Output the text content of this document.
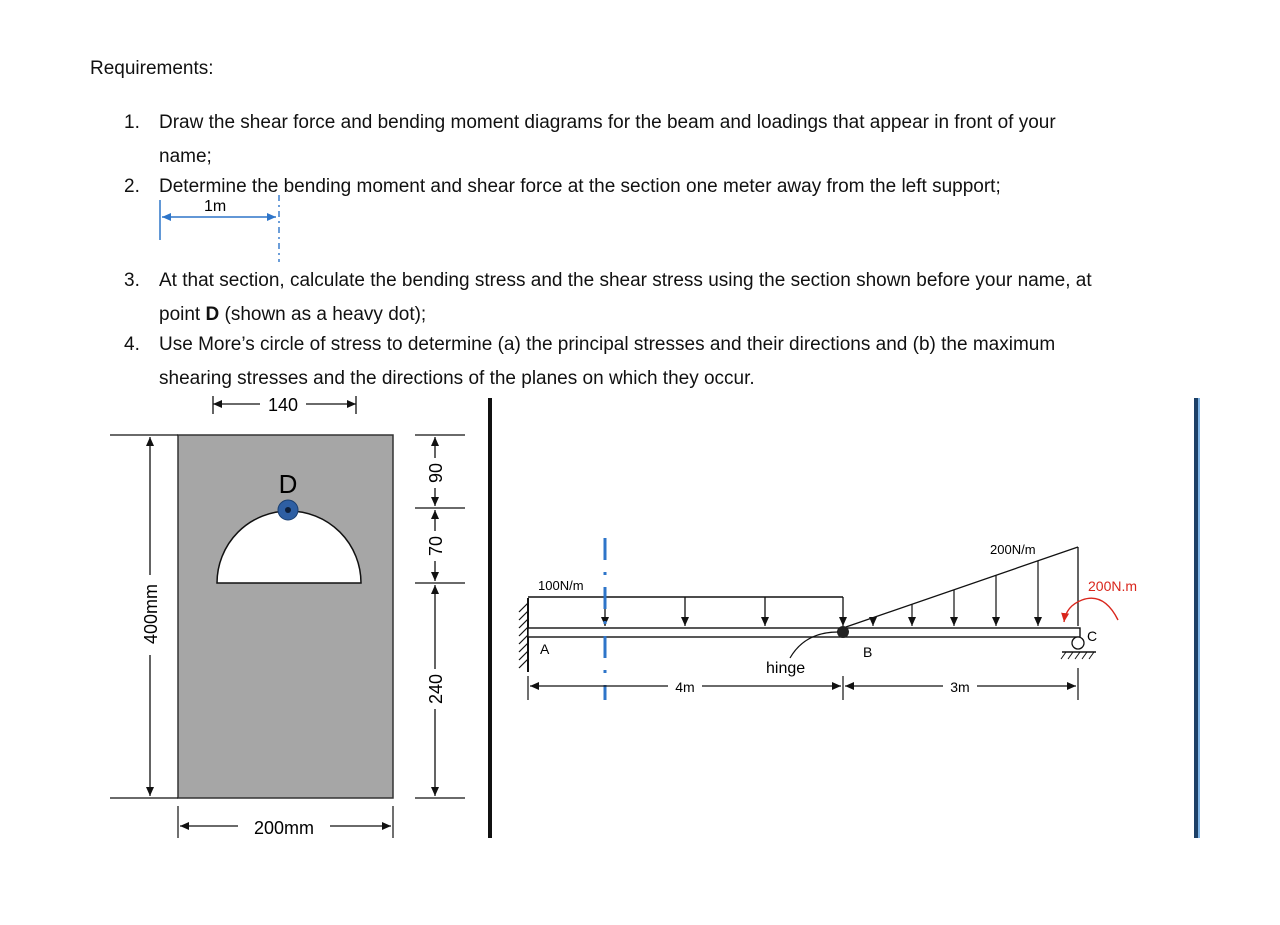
Requirements:
1.	Draw the shear force and bending moment diagrams for the beam and loadings that appear in front of your
name;
2.	Determine the bending moment and shear force at the section one meter away from the left support;
3.	At that section, calculate the bending stress and the shear stress using the section shown before your name, at
point D (shown as a heavy dot);
4.	Use More’s circle of stress to determine (a) the principal stresses and their directions and (b) the maximum
shearing stresses and the directions of the planes on which they occur.
1m
140
D
400mm
200mm
90
70
240
100N/m
200N/m
hinge
A	B
C
200N.m
4m	3m
